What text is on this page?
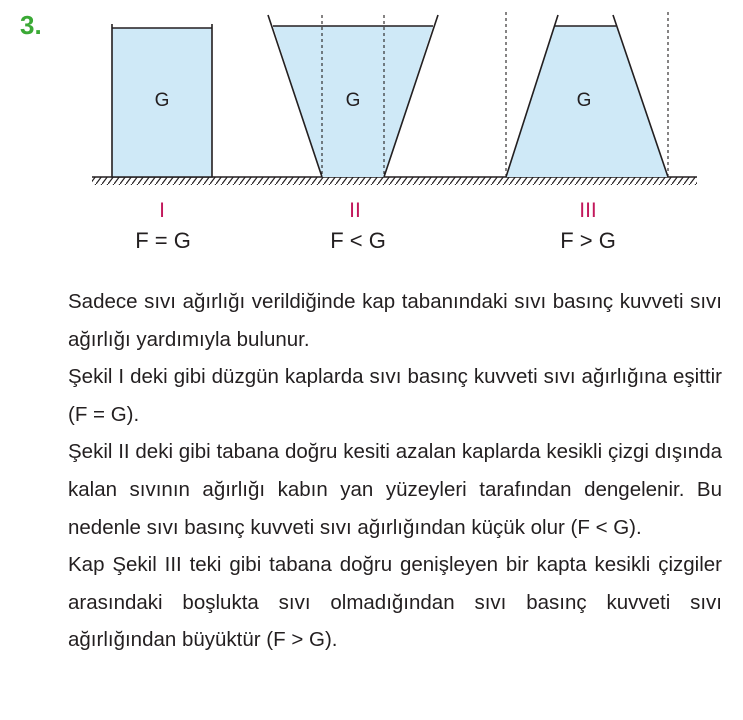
3.
G	G	G
I	II	III
F = G	F < G	F > G

Sadece sıvı ağırlığı verildiğinde kap tabanındaki sıvı basınç kuvveti sıvı ağırlığı yardımıyla bulunur.

Şekil I deki gibi düzgün kaplarda sıvı basınç kuvveti sıvı ağırlığına eşittir (F = G).

Şekil II deki gibi tabana doğru kesiti azalan kaplarda kesikli çizgi dışında kalan sıvının ağırlığı kabın yan yüzeyleri tarafından dengelenir. Bu nedenle sıvı basınç kuvveti sıvı ağırlığından küçük olur (F < G).

Kap Şekil III teki gibi tabana doğru genişleyen bir kapta kesikli çizgiler arasındaki boşlukta sıvı olmadığından sıvı basınç kuvveti sıvı ağırlığından büyüktür (F > G).
